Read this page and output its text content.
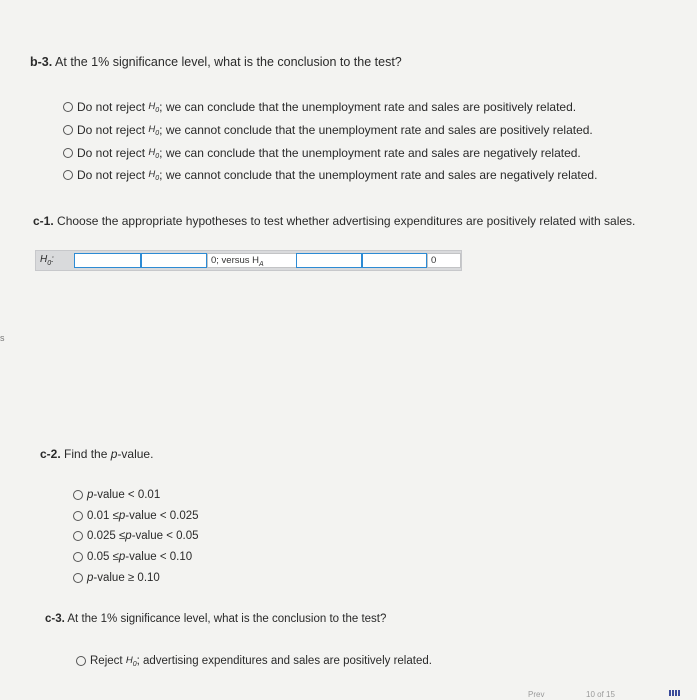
b-3. At the 1% significance level, what is the conclusion to the test?
Do not reject
$H_0$ ; we can conclude that the unemployment rate and sales are positively related.
Do not reject
$H_0$ ; we cannot conclude that the unemployment rate and sales are positively related.
Do not reject
$H_0$ ; we can conclude that the unemployment rate and sales are negatively related.
Do not reject
$H_0$ ; we cannot conclude that the unemployment rate and sales are negatively related.
c-1. Choose the appropriate hypotheses to test whether advertising expenditures are positively related with sales.
$H_0$:	0; versus $H_A$	0
s
c-2. Find the p-value.
p -value < 0.01
0.01 ≤ p -value < 0.025
0.025 ≤ p -value < 0.05
0.05 ≤ p -value < 0.10
p -value ≥ 0.10
c-3. At the 1% significance level, what is the conclusion to the test?
Reject
$H_0$ ; advertising expenditures and sales are positively related.
Prev	10 of 15
